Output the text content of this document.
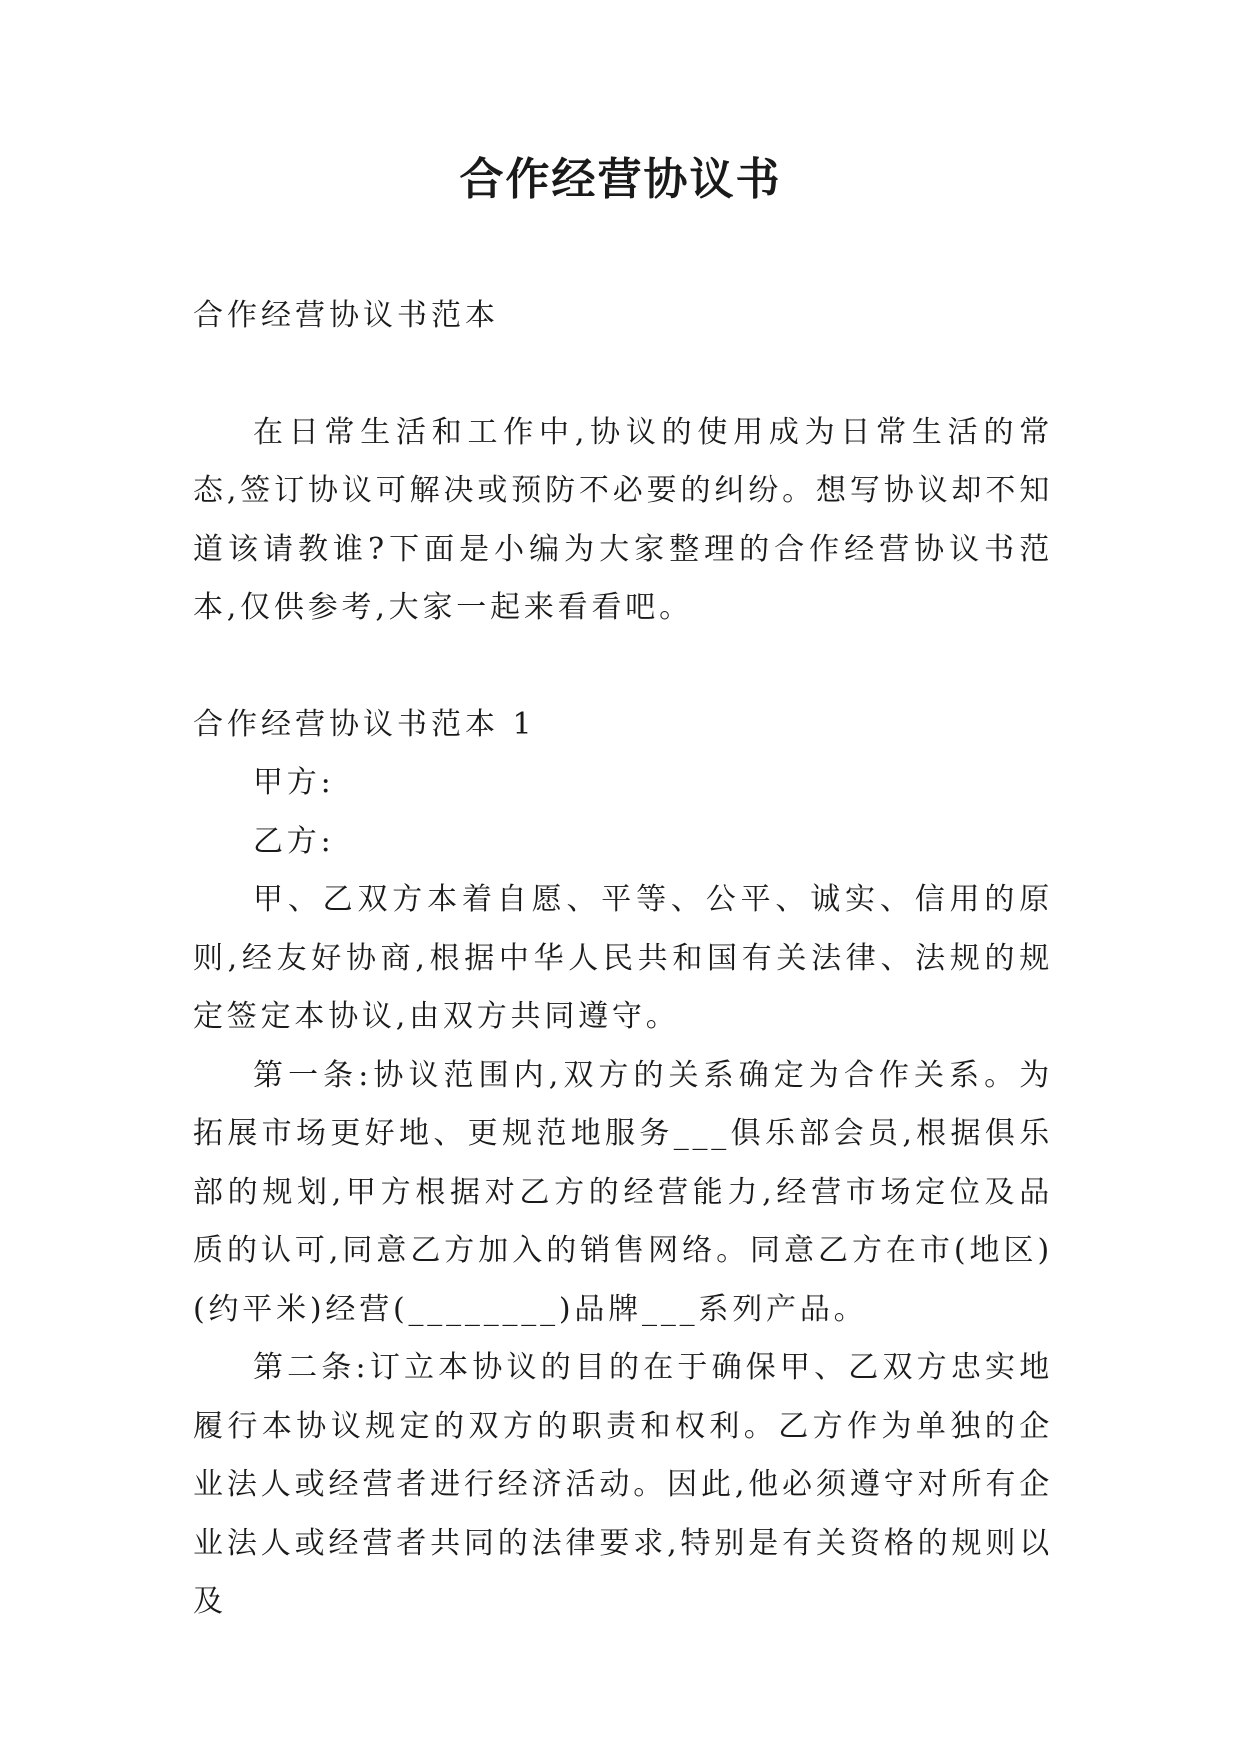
合作经营协议书

合作经营协议书范本

在日常生活和工作中,协议的使用成为日常生活的常态,签订协议可解决或预防不必要的纠纷。想写协议却不知道该请教谁?下面是小编为大家整理的合作经营协议书范本,仅供参考,大家一起来看看吧。

合作经营协议书范本 1

甲方:

乙方:

甲、乙双方本着自愿、平等、公平、诚实、信用的原则,经友好协商,根据中华人民共和国有关法律、法规的规定签定本协议,由双方共同遵守。

第一条:协议范围内,双方的关系确定为合作关系。为拓展市场更好地、更规范地服务___俱乐部会员,根据俱乐部的规划,甲方根据对乙方的经营能力,经营市场定位及品质的认可,同意乙方加入的销售网络。同意乙方在市(地区)(约平米)经营(________)品牌___系列产品。

第二条:订立本协议的目的在于确保甲、乙双方忠实地履行本协议规定的双方的职责和权利。乙方作为单独的企业法人或经营者进行经济活动。因此,他必须遵守对所有企业法人或经营者共同的法律要求,特别是有关资格的规则以及
